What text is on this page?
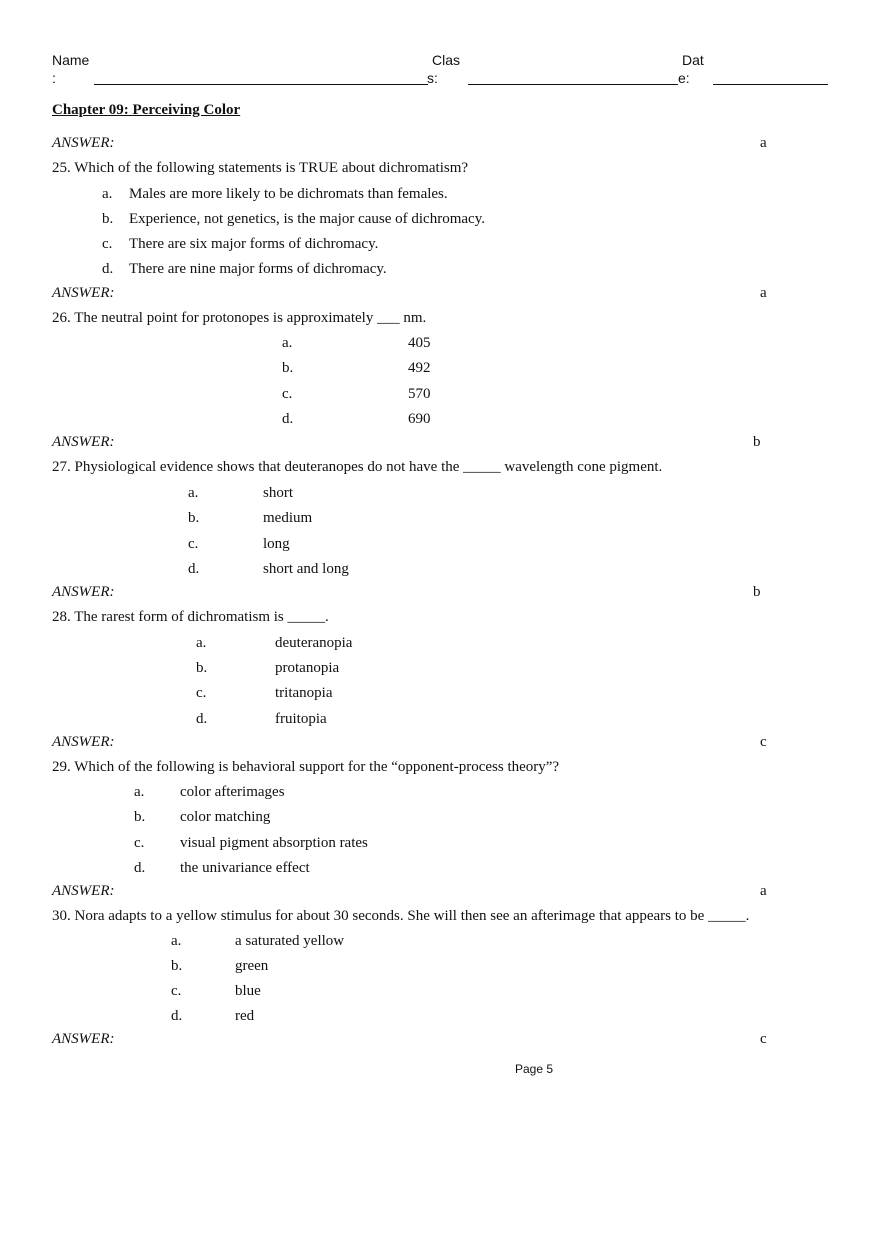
Name
:
Clas
s:
Dat
e:
Chapter 09: Perceiving Color
ANSWER:	a
25. Which of the following statements is TRUE about dichromatism?
a. Males are more likely to be dichromats than females.
b. Experience, not genetics, is the major cause of dichromacy.
c. There are six major forms of dichromacy.
d. There are nine major forms of dichromacy.
ANSWER:	a
26. The neutral point for protonopes is approximately ___ nm.
a.	405
b.	492
c.	570
d.	690
ANSWER:	b
27. Physiological evidence shows that deuteranopes do not have the _____ wavelength cone pigment.
a.	short
b.	medium
c.	long
d.	short and long
ANSWER:	b
28. The rarest form of dichromatism is _____.
a.	deuteranopia
b.	protanopia
c.	tritanopia
d.	fruitopia
ANSWER:	c
29. Which of the following is behavioral support for the “opponent-process theory”?
a. color afterimages
b. color matching
c. visual pigment absorption rates
d. the univariance effect
ANSWER:	a
30. Nora adapts to a yellow stimulus for about 30 seconds. She will then see an afterimage that appears to be _____.
a.	a saturated yellow
b.	green
c.	blue
d.	red
ANSWER:	c
Page 5
